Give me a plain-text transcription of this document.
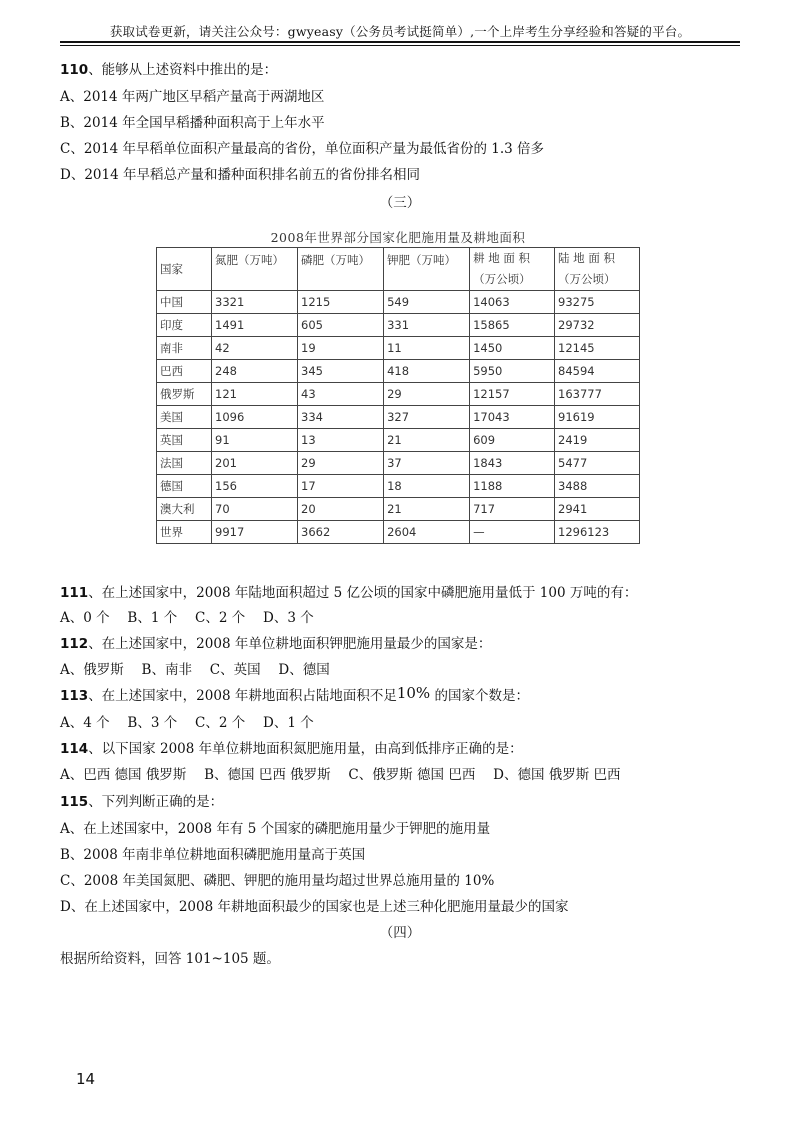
获取试卷更新，请关注公众号：gwyeasy（公务员考试挺简单）,一个上岸考生分享经验和答疑的平台。
110、能够从上述资料中推出的是：
A、2014 年两广地区早稻产量高于两湖地区
B、2014 年全国早稻播种面积高于上年水平
C、2014 年早稻单位面积产量最高的省份，单位面积产量为最低省份的 1.3 倍多
D、2014 年早稻总产量和播种面积排名前五的省份排名相同
（三）
2008年世界部分国家化肥施用量及耕地面积
国家	氮肥（万吨）	磷肥（万吨）	钾肥（万吨）	耕 地 面 积	陆 地 面 积
				（万公顷）	（万公顷）
中国	3321	1215	549	14063	93275
印度	1491	605	331	15865	29732
南非	42	19	11	1450	12145
巴西	248	345	418	5950	84594
俄罗斯	121	43	29	12157	163777
美国	1096	334	327	17043	91619
英国	91	13	21	609	2419
法国	201	29	37	1843	5477
德国	156	17	18	1188	3488
澳大利	70	20	21	717	2941
世界	9917	3662	2604	—	1296123
111、在上述国家中，2008 年陆地面积超过 5 亿公顷的国家中磷肥施用量低于 100 万吨的有：
A、0 个　 B、1 个　 C、2 个　 D、3 个
112、在上述国家中，2008 年单位耕地面积钾肥施用量最少的国家是：
A、俄罗斯　 B、南非　 C、英国　 D、德国
113、在上述国家中，2008 年耕地面积占陆地面积不足10% 的国家个数是：
A、4 个　 B、3 个　 C、2 个　 D、1 个
114、以下国家 2008 年单位耕地面积氮肥施用量，由高到低排序正确的是：
A、巴西 德国 俄罗斯　 B、德国 巴西 俄罗斯　 C、俄罗斯 德国 巴西　 D、德国 俄罗斯 巴西
115、下列判断正确的是：
A、在上述国家中，2008 年有 5 个国家的磷肥施用量少于钾肥的施用量
B、2008 年南非单位耕地面积磷肥施用量高于英国
C、2008 年美国氮肥、磷肥、钾肥的施用量均超过世界总施用量的 10%
D、在上述国家中，2008 年耕地面积最少的国家也是上述三种化肥施用量最少的国家
（四）
根据所给资料，回答 101~105 题。
14
